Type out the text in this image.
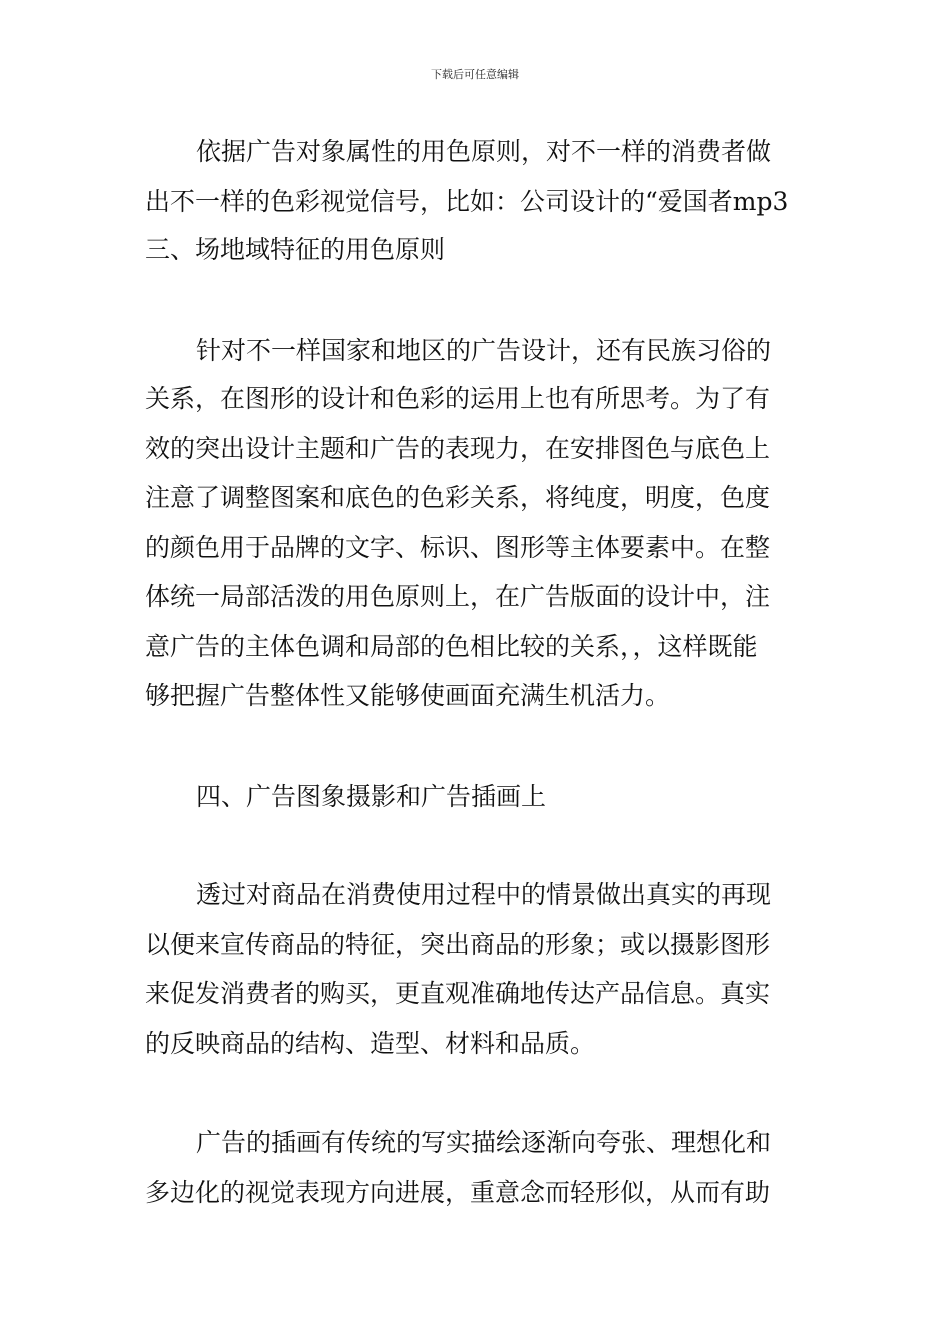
下载后可任意编辑
依据广告对象属性的用色原则，对不一样的消费者做
出不一样的色彩视觉信号，比如：公司设计的“爱国者mp3
三、场地域特征的用色原则
针对不一样国家和地区的广告设计，还有民族习俗的
关系，在图形的设计和色彩的运用上也有所思考。为了有
效的突出设计主题和广告的表现力，在安排图色与底色上
注意了调整图案和底色的色彩关系，将纯度，明度，色度
的颜色用于品牌的文字、标识、图形等主体要素中。在整
体统一局部活泼的用色原则上，在广告版面的设计中，注
意广告的主体色调和局部的色相比较的关系，，这样既能
够把握广告整体性又能够使画面充满生机活力。
四、广告图象摄影和广告插画上
透过对商品在消费使用过程中的情景做出真实的再现
以便来宣传商品的特征，突出商品的形象；或以摄影图形
来促发消费者的购买，更直观准确地传达产品信息。真实
的反映商品的结构、造型、材料和品质。
广告的插画有传统的写实描绘逐渐向夸张、理想化和
多边化的视觉表现方向进展，重意念而轻形似，从而有助
